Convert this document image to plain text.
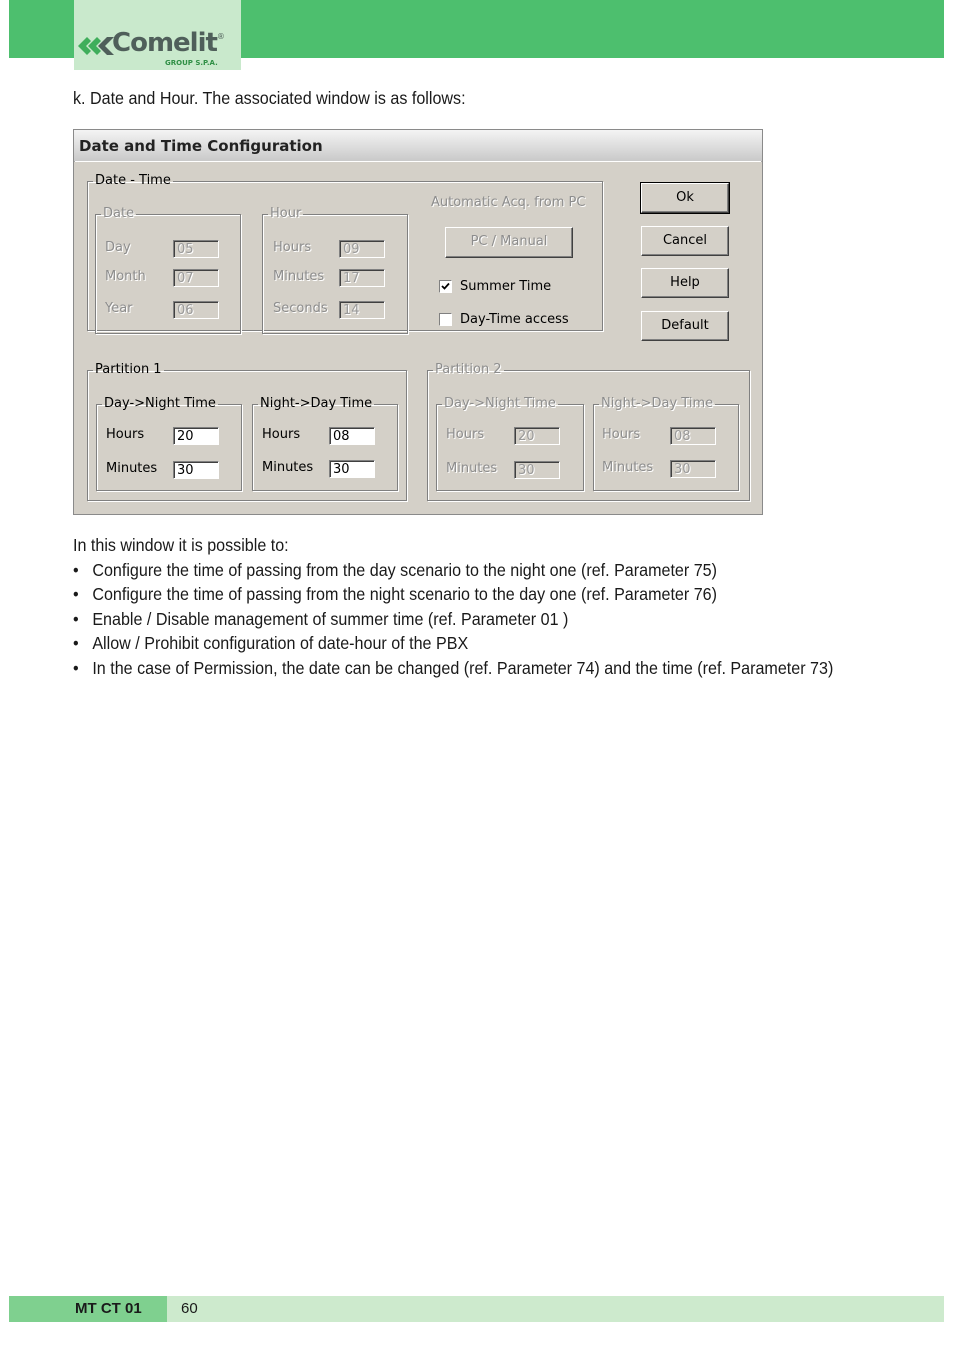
Comelit®
GROUP S.P.A.
k. Date and Hour. The associated window is as follows:
Date and Time Configuration
Date - Time
Date
Day	05
Month	07
Year	06
Hour
Hours	09
Minutes	17
Seconds	14
Automatic Acq. from PC
PC / Manual
Summer Time
Day-Time access
Ok
Cancel
Help
Default
Partition 1
Day->Night Time
Hours	20
Minutes	30
Night->Day Time
Hours	08
Minutes	30
Partition 2
Day->Night Time
Hours	20
Minutes	30
Night->Day Time
Hours	08
Minutes	30
In this window it is possible to:
• Configure the time of passing from the day scenario to the night one (ref. Parameter 75)
• Configure the time of passing from the night scenario to the day one (ref. Parameter 76)
• Enable / Disable management of summer time (ref. Parameter 01 )
• Allow / Prohibit configuration of date-hour of the PBX
• In the case of Permission, the date can be changed (ref. Parameter 74) and the time (ref. Parameter 73)
MT CT 01	60
